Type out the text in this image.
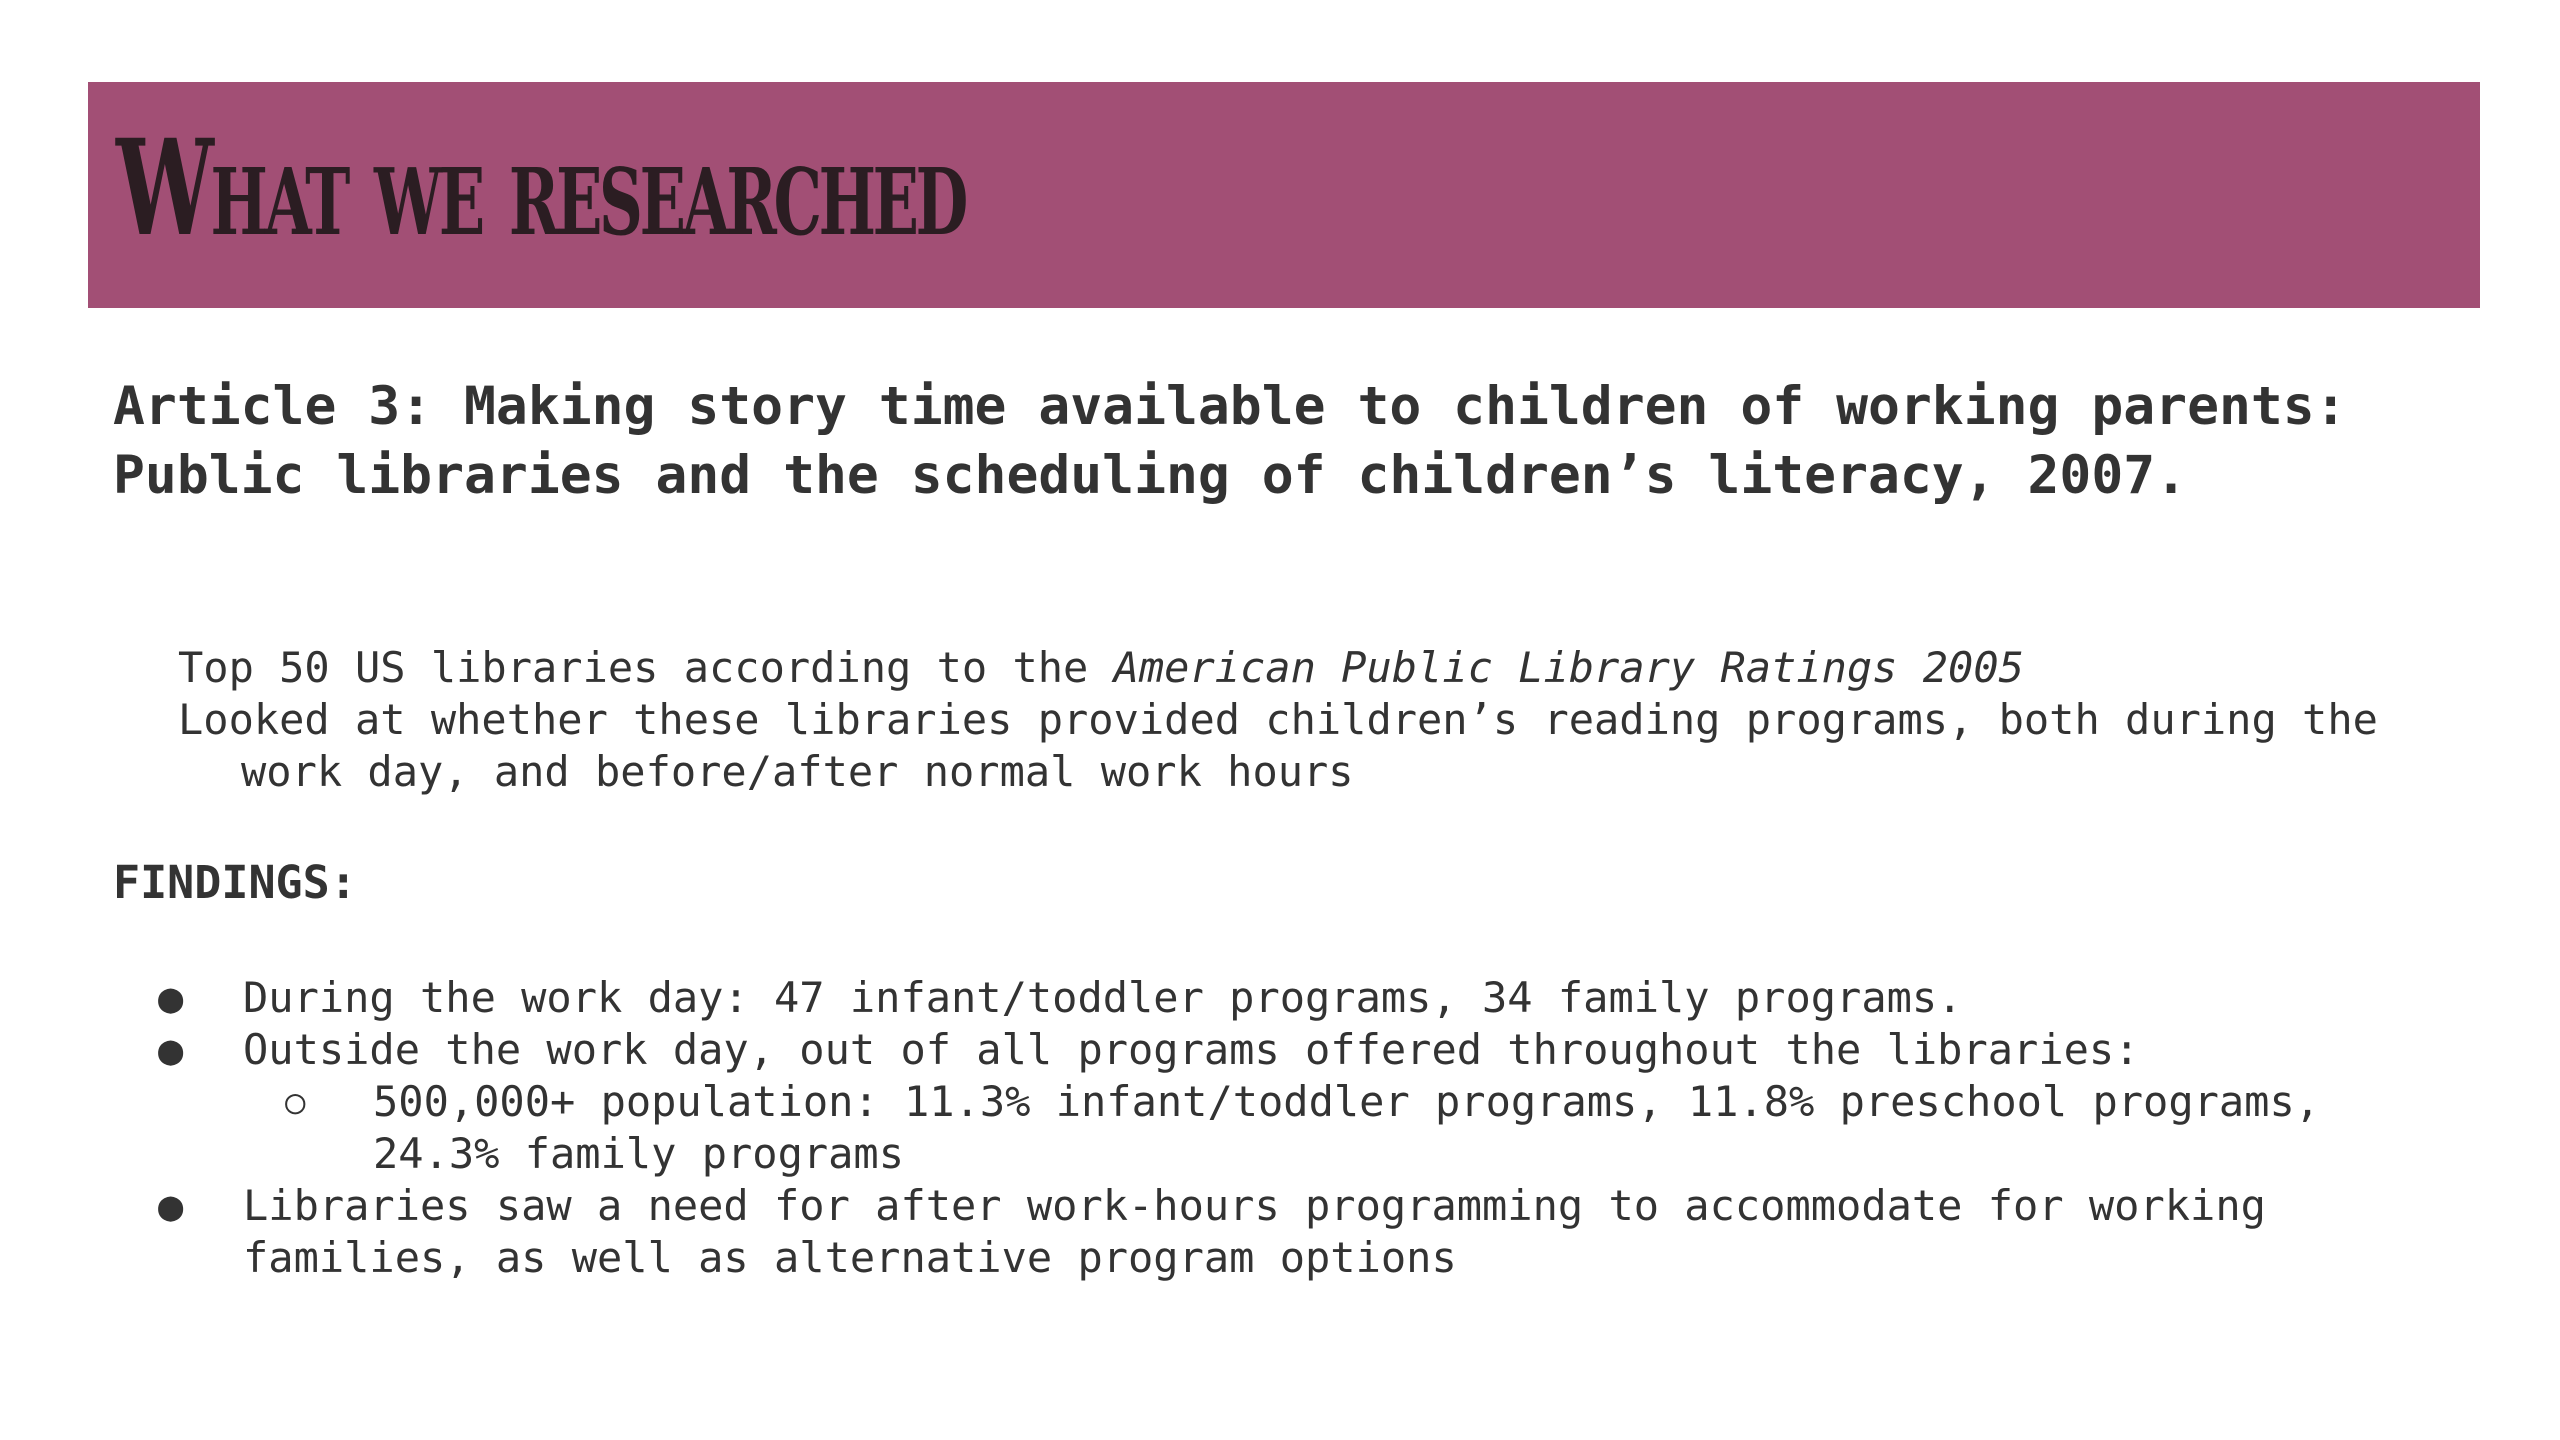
What we researched
Article 3: Making story time available to children of working parents: Public libraries and the scheduling of children’s literacy, 2007.

Top 50 US libraries according to the American Public Library Ratings 2005

Looked at whether these libraries provided children’s reading programs, both during the work day, and before/after normal work hours

FINDINGS:
● During the work day: 47 infant/toddler programs, 34 family programs.
● Outside the work day, out of all programs offered throughout the libraries:
○ 500,000+ population: 11.3% infant/toddler programs, 11.8% preschool programs, 24.3% family programs
● Libraries saw a need for after work-hours programming to accommodate for working families, as well as alternative program options
